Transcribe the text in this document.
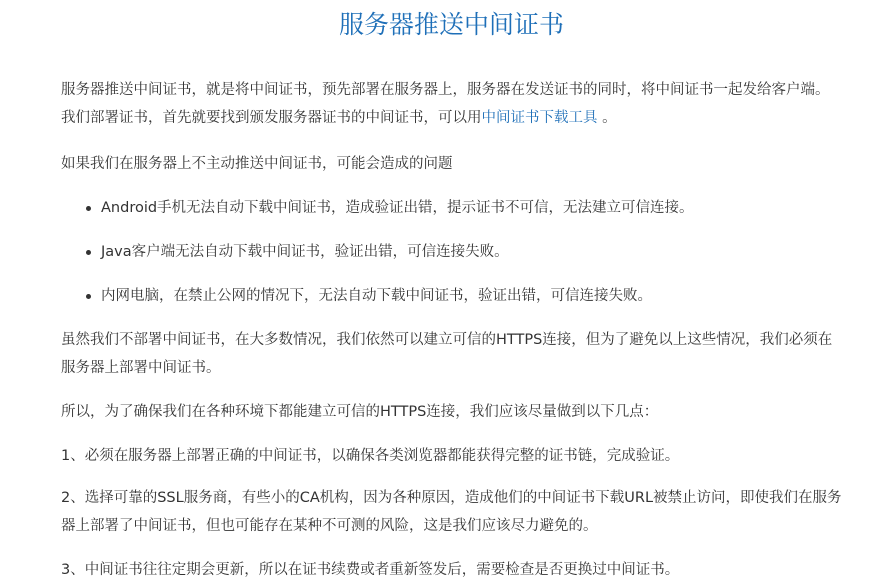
服务器推送中间证书

服务器推送中间证书，就是将中间证书，预先部署在服务器上，服务器在发送证书的同时，将中间证书一起发给客户端。我们部署证书，首先就要找到颁发服务器证书的中间证书，可以用中间证书下载工具 。

如果我们在服务器上不主动推送中间证书，可能会造成的问题

Android手机无法自动下载中间证书，造成验证出错，提示证书不可信，无法建立可信连接。
Java客户端无法自动下载中间证书，验证出错，可信连接失败。
内网电脑，在禁止公网的情况下，无法自动下载中间证书，验证出错，可信连接失败。

虽然我们不部署中间证书，在大多数情况，我们依然可以建立可信的HTTPS连接，但为了避免以上这些情况，我们必须在服务器上部署中间证书。

所以，为了确保我们在各种环境下都能建立可信的HTTPS连接，我们应该尽量做到以下几点：

1、必须在服务器上部署正确的中间证书，以确保各类浏览器都能获得完整的证书链，完成验证。

2、选择可靠的SSL服务商，有些小的CA机构，因为各种原因，造成他们的中间证书下载URL被禁止访问，即使我们在服务器上部署了中间证书，但也可能存在某种不可测的风险，这是我们应该尽力避免的。

3、中间证书往往定期会更新，所以在证书续费或者重新签发后，需要检查是否更换过中间证书。
